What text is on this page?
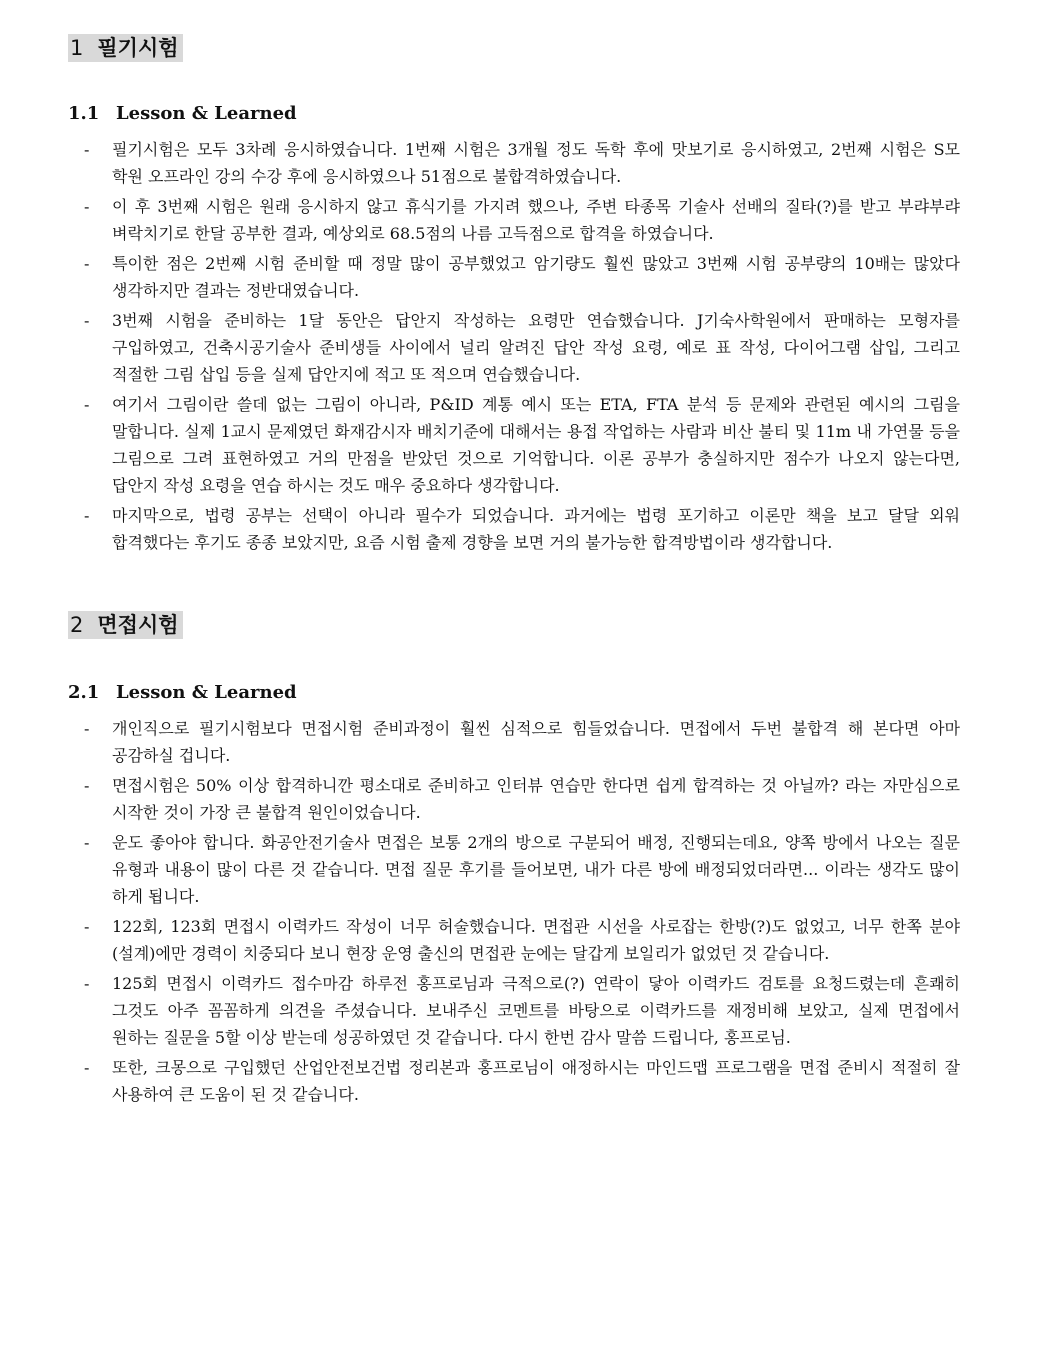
1 필기시험
1.1 Lesson & Learned
- 필기시험은 모두 3차례 응시하였습니다. 1번째 시험은 3개월 정도 독학 후에 맛보기로 응시하였고, 2번째 시험은 S모 학원 오프라인 강의 수강 후에 응시하였으나 51점으로 불합격하였습니다.
- 이 후 3번째 시험은 원래 응시하지 않고 휴식기를 가지려 했으나, 주변 타종목 기술사 선배의 질타(?)를 받고 부랴부랴 벼락치기로 한달 공부한 결과, 예상외로 68.5점의 나름 고득점으로 합격을 하였습니다.
- 특이한 점은 2번째 시험 준비할 때 정말 많이 공부했었고 암기량도 훨씬 많았고 3번째 시험 공부량의 10배는 많았다 생각하지만 결과는 정반대였습니다.
- 3번째 시험을 준비하는 1달 동안은 답안지 작성하는 요령만 연습했습니다. J기숙사학원에서 판매하는 모형자를 구입하였고, 건축시공기술사 준비생들 사이에서 널리 알려진 답안 작성 요령, 예로 표 작성, 다이어그램 삽입, 그리고 적절한 그림 삽입 등을 실제 답안지에 적고 또 적으며 연습했습니다.
- 여기서 그림이란 쓸데 없는 그림이 아니라, P&ID 계통 예시 또는 ETA, FTA 분석 등 문제와 관련된 예시의 그림을 말합니다. 실제 1교시 문제였던 화재감시자 배치기준에 대해서는 용접 작업하는 사람과 비산 불티 및 11m 내 가연물 등을 그림으로 그려 표현하였고 거의 만점을 받았던 것으로 기억합니다. 이론 공부가 충실하지만 점수가 나오지 않는다면, 답안지 작성 요령을 연습 하시는 것도 매우 중요하다 생각합니다.
- 마지막으로, 법령 공부는 선택이 아니라 필수가 되었습니다. 과거에는 법령 포기하고 이론만 책을 보고 달달 외워 합격했다는 후기도 종종 보았지만, 요즘 시험 출제 경향을 보면 거의 불가능한 합격방법이라 생각합니다.
2 면접시험
2.1 Lesson & Learned
- 개인직으로 필기시험보다 면접시험 준비과정이 훨씬 심적으로 힘들었습니다. 면접에서 두번 불합격 해 본다면 아마 공감하실 겁니다.
- 면접시험은 50% 이상 합격하니깐 평소대로 준비하고 인터뷰 연습만 한다면 쉽게 합격하는 것 아닐까? 라는 자만심으로 시작한 것이 가장 큰 불합격 원인이었습니다.
- 운도 좋아야 합니다. 화공안전기술사 면접은 보통 2개의 방으로 구분되어 배정, 진행되는데요, 양쪽 방에서 나오는 질문 유형과 내용이 많이 다른 것 같습니다. 면접 질문 후기를 들어보면, 내가 다른 방에 배정되었더라면... 이라는 생각도 많이 하게 됩니다.
- 122회, 123회 면접시 이력카드 작성이 너무 허술했습니다. 면접관 시선을 사로잡는 한방(?)도 없었고, 너무 한쪽 분야(설계)에만 경력이 치중되다 보니 현장 운영 출신의 면접관 눈에는 달갑게 보일리가 없었던 것 같습니다.
- 125회 면접시 이력카드 접수마감 하루전 홍프로님과 극적으로(?) 연락이 닿아 이력카드 검토를 요청드렸는데 흔쾌히 그것도 아주 꼼꼼하게 의견을 주셨습니다. 보내주신 코멘트를 바탕으로 이력카드를 재정비해 보았고, 실제 면접에서 원하는 질문을 5할 이상 받는데 성공하였던 것 같습니다. 다시 한번 감사 말씀 드립니다, 홍프로님.
- 또한, 크몽으로 구입했던 산업안전보건법 정리본과 홍프로님이 애정하시는 마인드맵 프로그램을 면접 준비시 적절히 잘 사용하여 큰 도움이 된 것 같습니다.
